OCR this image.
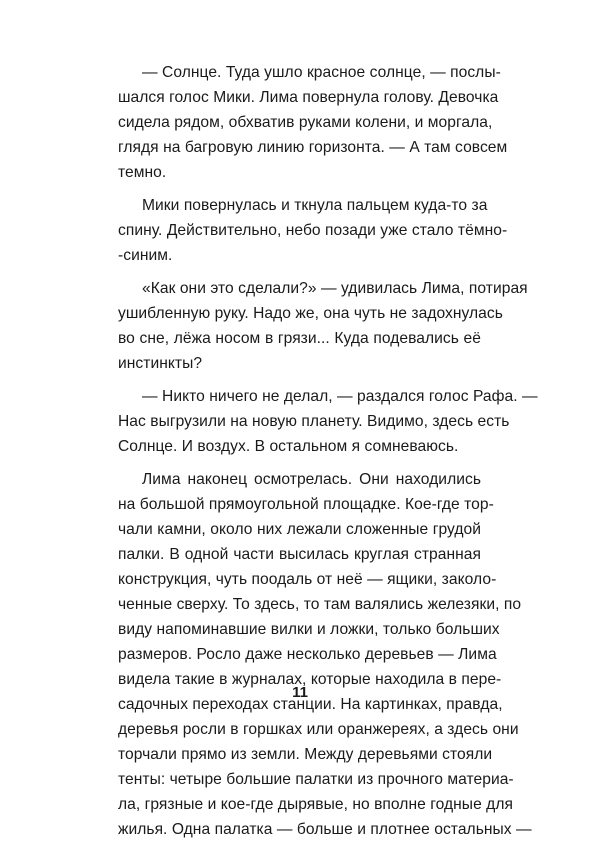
— Солнце. Туда ушло красное солнце, — послы-
шался голос Мики. Лима повернула голову. Девочка
сидела рядом, обхватив руками колени, и моргала,
глядя на багровую линию горизонта. — А там совсем
темно.
Мики повернулась и ткнула пальцем куда-то за
спину. Действительно, небо позади уже стало тёмно-
-синим.
«Как они это сделали?» — удивилась Лима, потирая
ушибленную руку. Надо же, она чуть не задохнулась
во сне, лёжа носом в грязи... Куда подевались её
инстинкты?
— Никто ничего не делал, — раздался голос Рафа. —
Нас выгрузили на новую планету. Видимо, здесь есть
Солнце. И воздух. В остальном я сомневаюсь.
Лима наконец осмотрелась. Они находились
на большой прямоугольной площадке. Кое-где тор-
чали камни, около них лежали сложенные грудой
палки. В одной части высилась круглая странная
конструкция, чуть поодаль от неё — ящики, заколо-
ченные сверху. То здесь, то там валялись железяки, по
виду напоминавшие вилки и ложки, только больших
размеров. Росло даже несколько деревьев — Лима
видела такие в журналах, которые находила в пере-
садочных переходах станции. На картинках, правда,
деревья росли в горшках или оранжереях, а здесь они
торчали прямо из земли. Между деревьями стояли
тенты: четыре большие палатки из прочного материа-
ла, грязные и кое-где дырявые, но вполне годные для
жилья. Одна палатка — больше и плотнее остальных —
11
